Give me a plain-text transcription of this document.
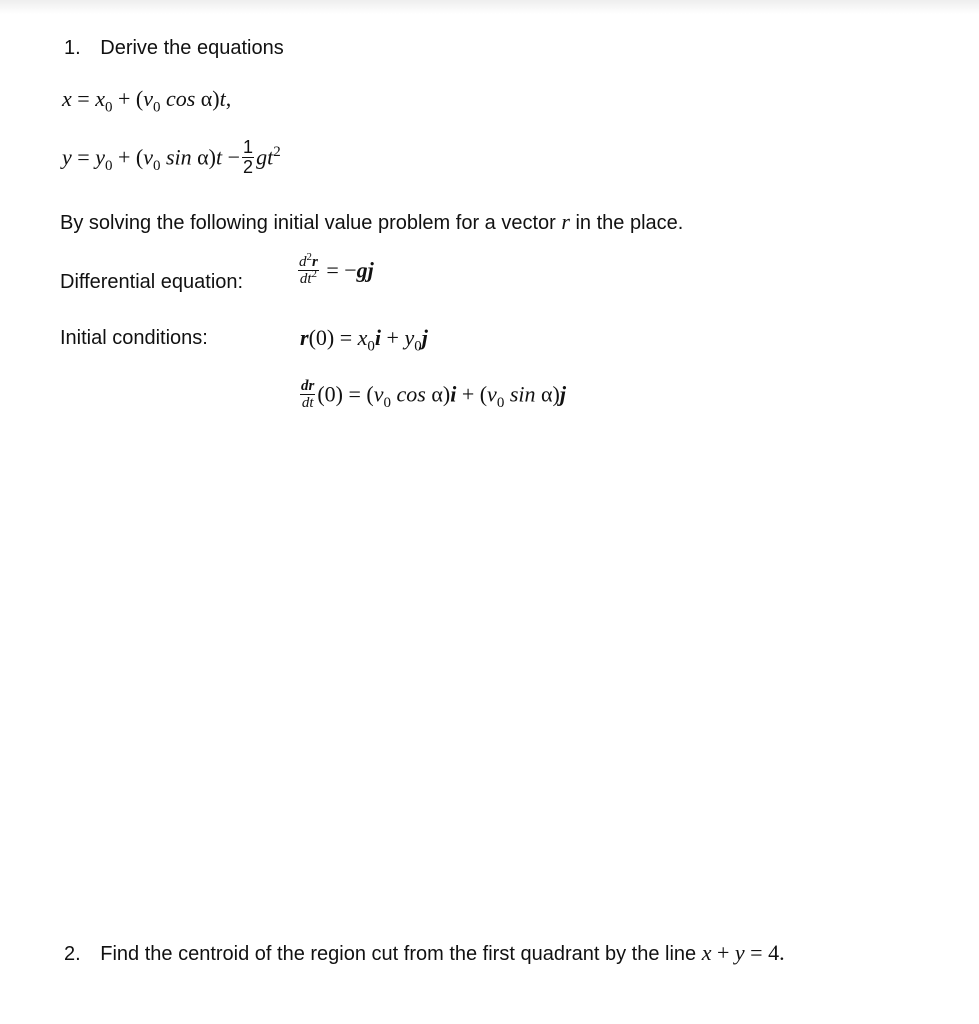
1. Derive the equations
$x = x_0 + (v_0$ cos α)t,
$y = y_0 + (v_0$ $\sin \alpha)t - \frac{1}{2} gt^2$
By solving the following initial value problem for a vector r in the place.
Differential equation:	$\frac{d^2r}{dt^2} = -gj$
Initial conditions:	$r(0) = x_0i + y_0j$
$\frac{dr}{dt} (0) = (v_0$ $\cos \alpha)i + (v_0$ sin α)j
2. Find the centroid of the region cut from the first quadrant by the line x + y = 4.
